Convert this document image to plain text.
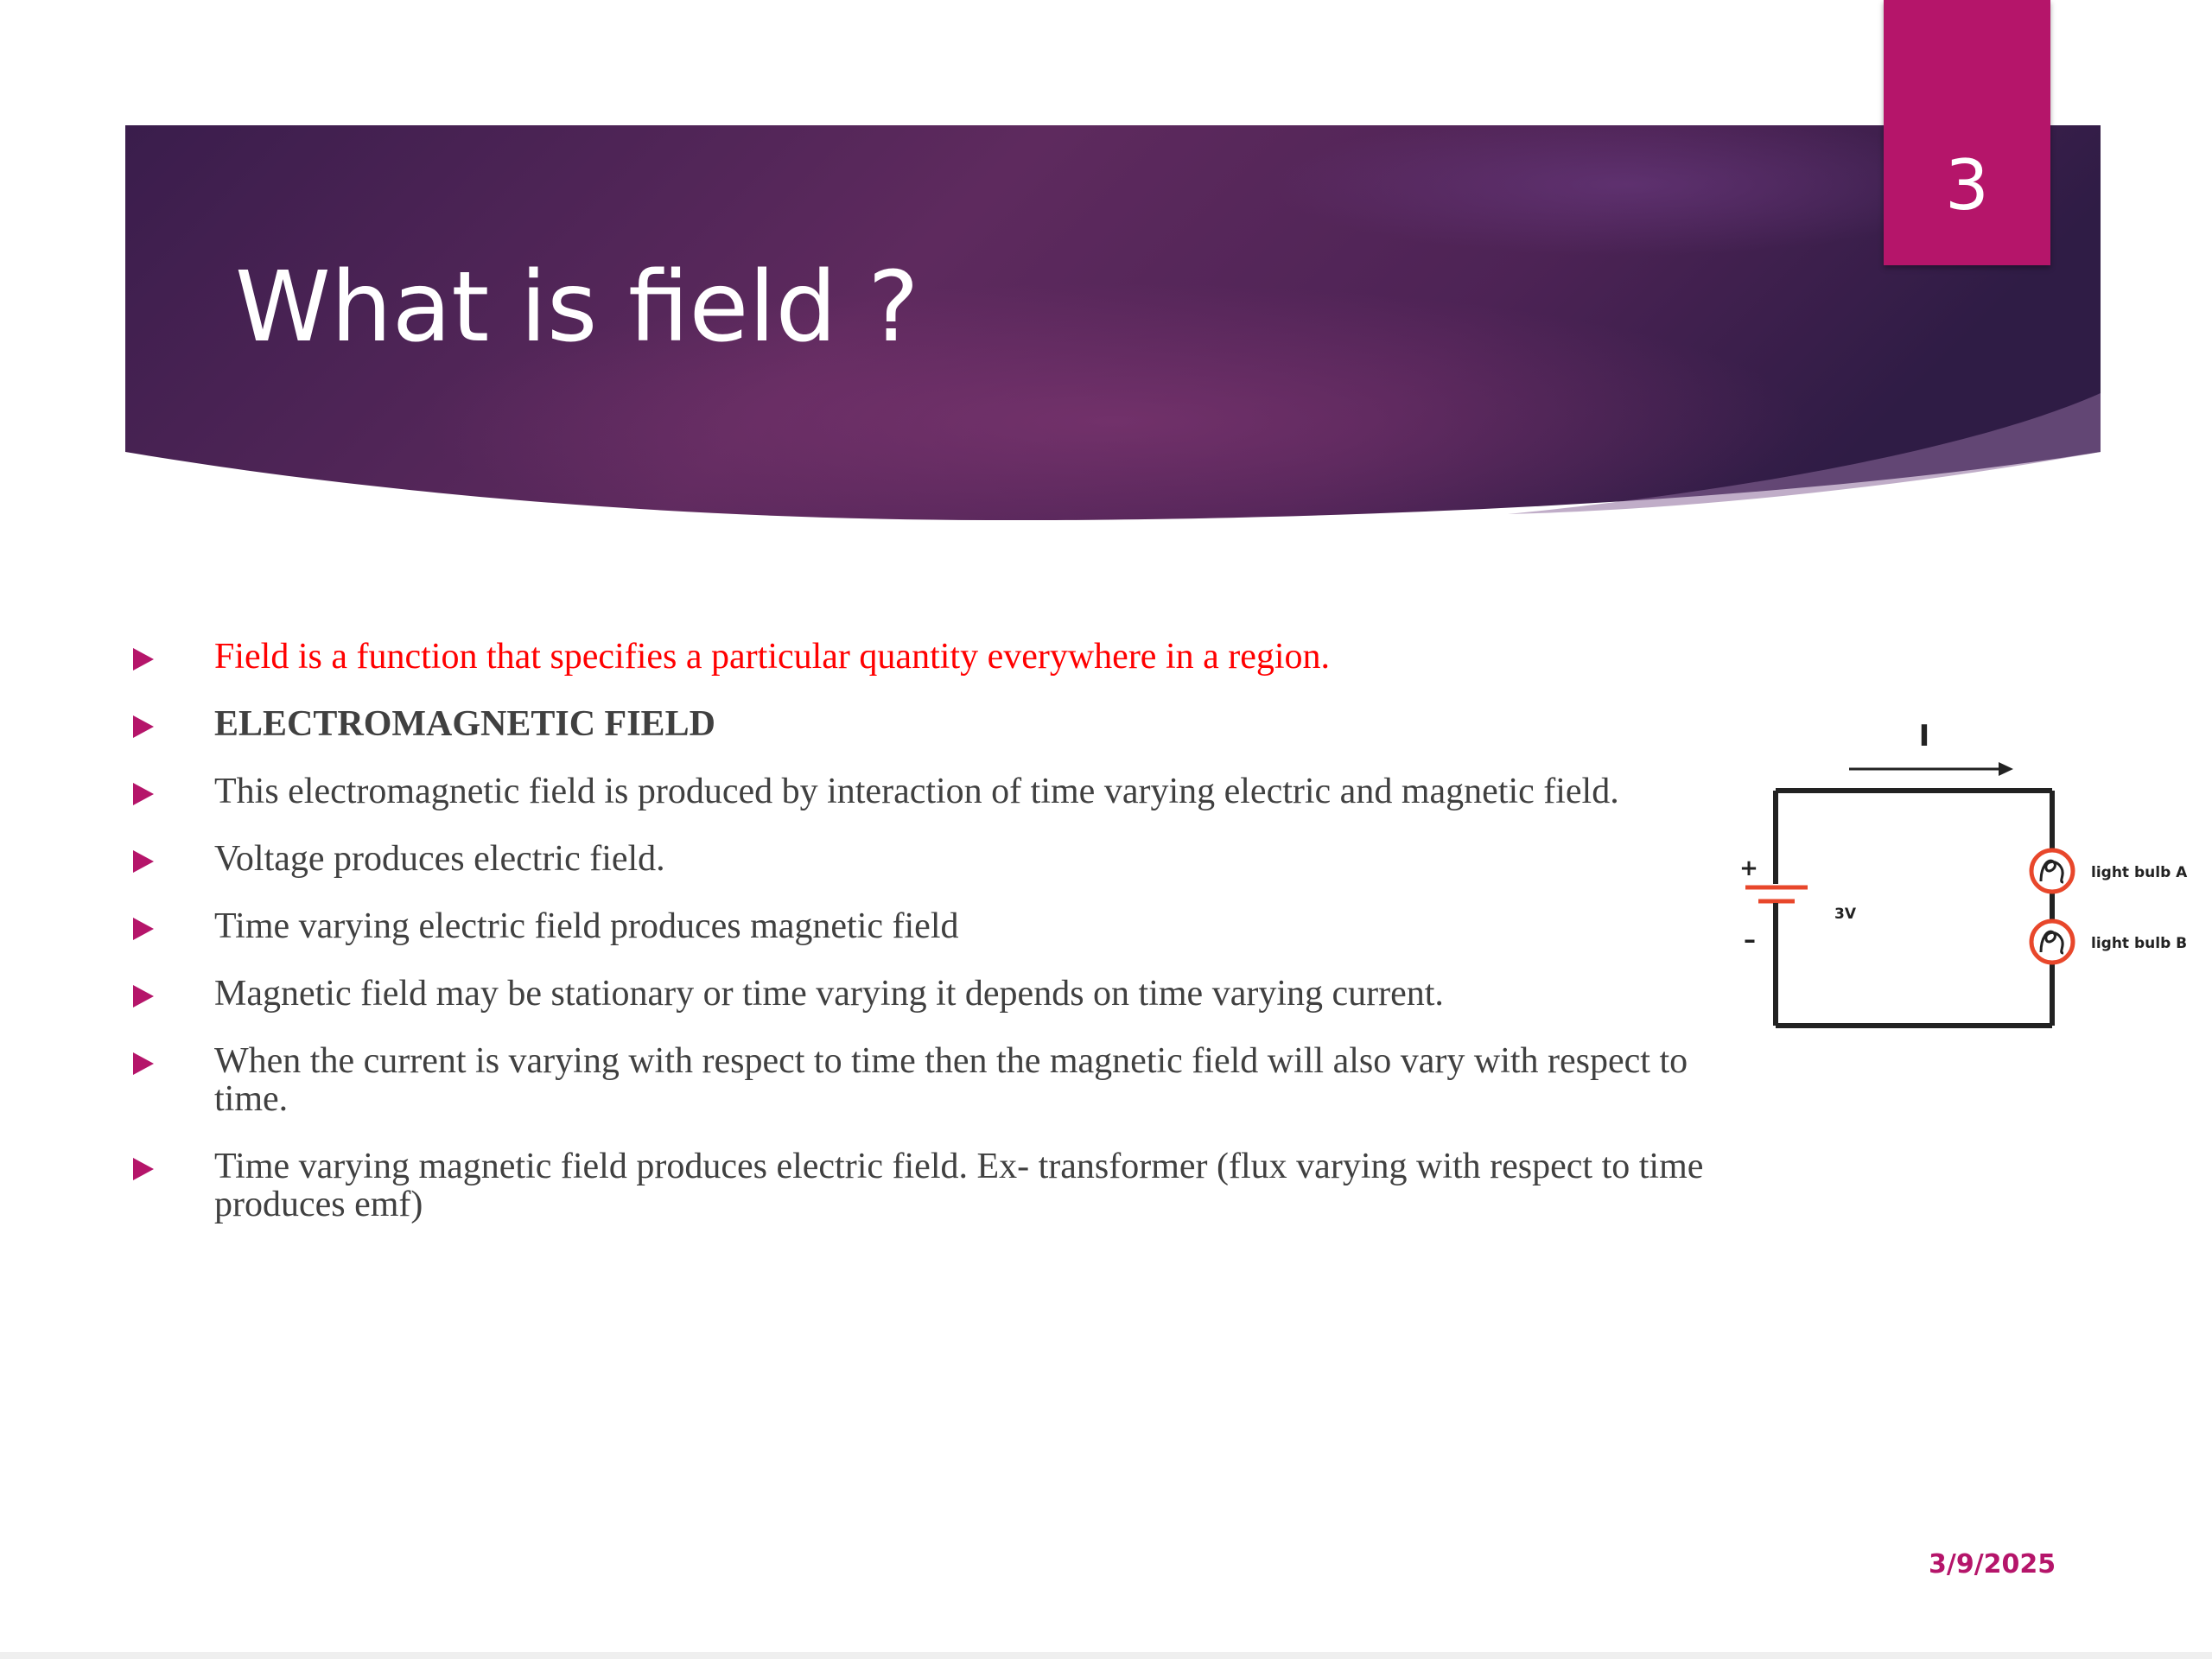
What is field ?
3
Field is a function that specifies a particular quantity everywhere in a region.
ELECTROMAGNETIC FIELD
This electromagnetic field is produced by interaction of time varying electric and magnetic field.
Voltage produces electric field.
Time varying electric field produces magnetic field
Magnetic field may be stationary or time varying it depends on time varying current.
When the current is varying with respect to time then the magnetic field will also vary with respect to time.
Time varying magnetic field produces electric field. Ex- transformer (flux varying with respect to time produces emf)
I
+
–
3V
light bulb A
light bulb B
3/9/2025
